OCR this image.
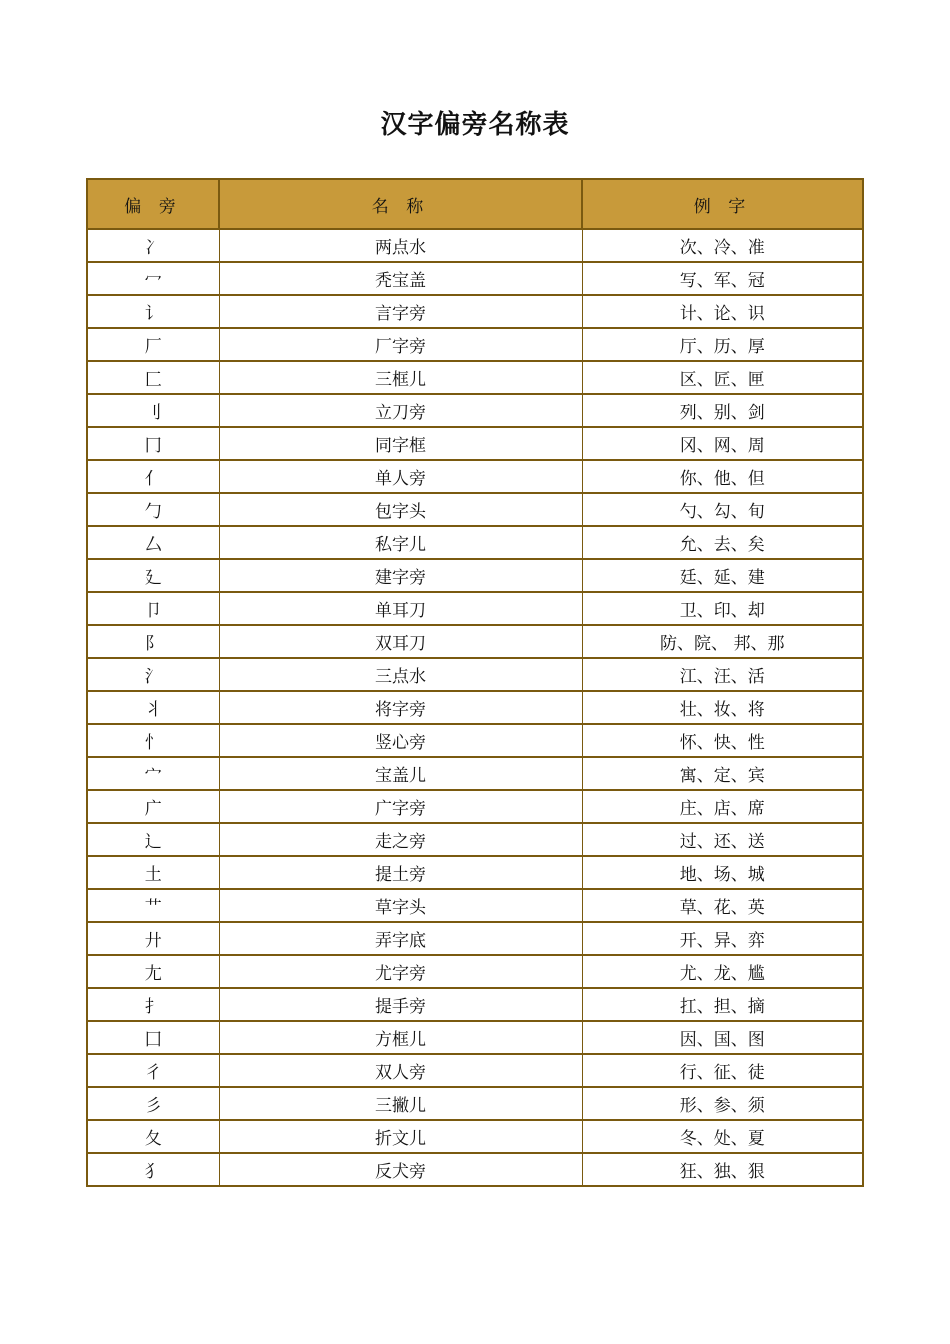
汉字偏旁名称表
偏 旁	名 称	例 字
冫	两点水	次、冷、准
冖	秃宝盖	写、军、冠
讠	言字旁	计、论、识
厂	厂字旁	厅、历、厚
匚	三框儿	区、匠、匣
刂	立刀旁	列、别、剑
冂	同字框	冈、网、周
亻	单人旁	你、他、但
勹	包字头	勺、勾、旬
厶	私字儿	允、去、矣
廴	建字旁	廷、延、建
卩	单耳刀	卫、印、却
阝	双耳刀	防、院、 邦、那
氵	三点水	江、汪、活
丬	将字旁	壮、妆、将
忄	竖心旁	怀、快、性
宀	宝盖儿	寓、定、宾
广	广字旁	庄、店、席
辶	走之旁	过、还、送
土	提土旁	地、场、城
艹	草字头	草、花、英
廾	弄字底	开、异、弈
尢	尤字旁	尤、龙、尴
扌	提手旁	扛、担、摘
囗	方框儿	因、国、图
彳	双人旁	行、征、徒
彡	三撇儿	形、参、须
夂	折文儿	冬、处、夏
犭	反犬旁	狂、独、狠
